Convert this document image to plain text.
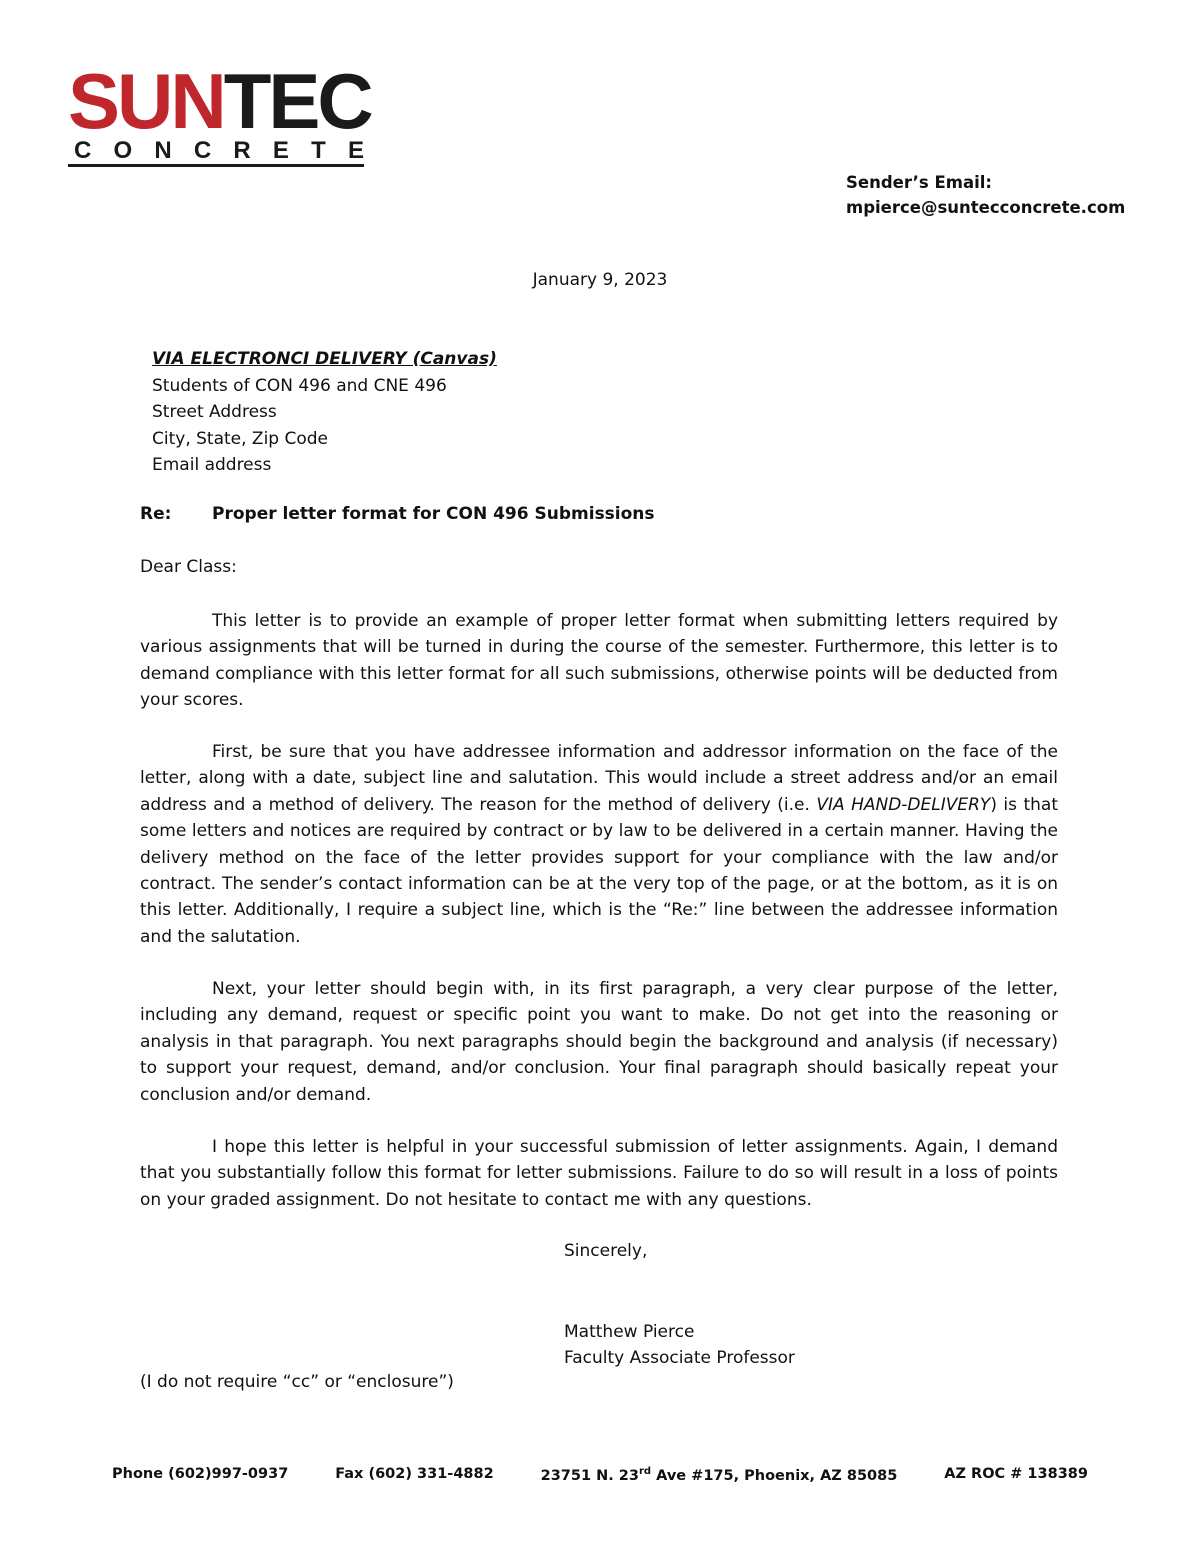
SUNTEC
C O N C R E T E
Sender’s Email:
mpierce@suntecconcrete.com
January 9, 2023
VIA ELECTRONCI DELIVERY (Canvas)
Students of CON 496 and CNE 496
Street Address
City, State, Zip Code
Email address
Re: Proper letter format for CON 496 Submissions
Dear Class:

This letter is to provide an example of proper letter format when submitting letters required by various assignments that will be turned in during the course of the semester. Furthermore, this letter is to demand compliance with this letter format for all such submissions, otherwise points will be deducted from your scores.

First, be sure that you have addressee information and addressor information on the face of the letter, along with a date, subject line and salutation. This would include a street address and/or an email address and a method of delivery. The reason for the method of delivery (i.e. VIA HAND-DELIVERY) is that some letters and notices are required by contract or by law to be delivered in a certain manner. Having the delivery method on the face of the letter provides support for your compliance with the law and/or contract. The sender’s contact information can be at the very top of the page, or at the bottom, as it is on this letter. Additionally, I require a subject line, which is the “Re:” line between the addressee information and the salutation.

Next, your letter should begin with, in its first paragraph, a very clear purpose of the letter, including any demand, request or specific point you want to make. Do not get into the reasoning or analysis in that paragraph. You next paragraphs should begin the background and analysis (if necessary) to support your request, demand, and/or conclusion. Your final paragraph should basically repeat your conclusion and/or demand.

I hope this letter is helpful in your successful submission of letter assignments. Again, I demand that you substantially follow this format for letter submissions. Failure to do so will result in a loss of points on your graded assignment. Do not hesitate to contact me with any questions.

Sincerely,
Matthew Pierce
Faculty Associate Professor
(I do not require “cc” or “enclosure”)
Phone (602)997-0937	Fax (602) 331-4882	23751 N. 23rd Ave #175, Phoenix, AZ 85085	AZ ROC # 138389
